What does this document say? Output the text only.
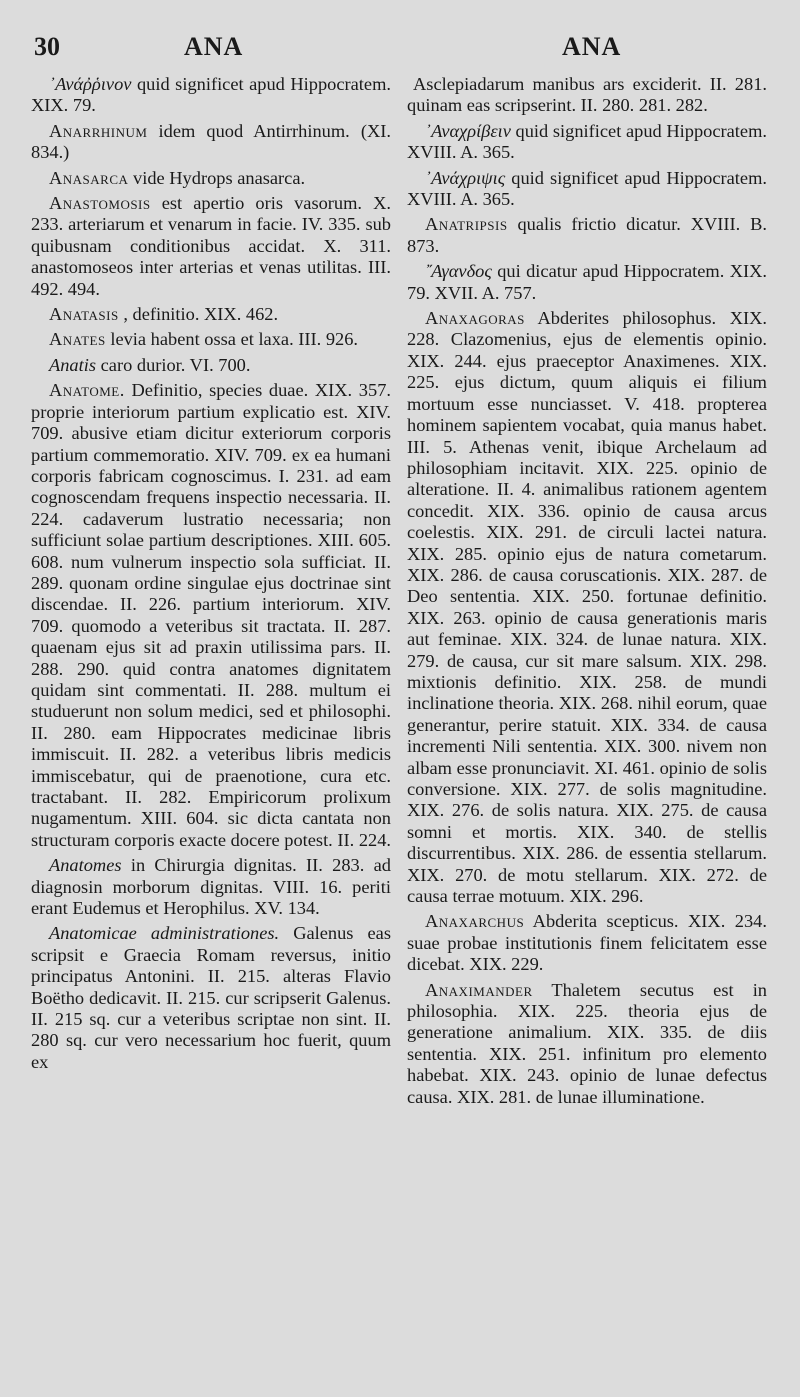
30	ANA	ANA

᾿Ανάῤῥινον quid significet apud Hippocratem. XIX. 79.

Anarrhinum idem quod Antirrhinum. (XI. 834.)

Anasarca vide Hydrops anasarca.

Anastomosis est apertio oris vasorum. X. 233. arteriarum et venarum in facie. IV. 335. sub quibusnam conditionibus accidat. X. 311. anastomoseos inter arterias et venas utilitas. III. 492. 494.

Anatasis , definitio. XIX. 462.

Anates levia habent ossa et laxa. III. 926.

Anatis caro durior. VI. 700.

Anatome. Definitio, species duae. XIX. 357. proprie interiorum partium explicatio est. XIV. 709. abusive etiam dicitur exteriorum corporis partium commemoratio. XIV. 709. ex ea humani corporis fabricam cognoscimus. I. 231. ad eam cognoscendam frequens inspectio necessaria. II. 224. cadaverum lustratio necessaria; non sufficiunt solae partium descriptiones. XIII. 605. 608. num vulnerum inspectio sola sufficiat. II. 289. quonam ordine singulae ejus doctrinae sint discendae. II. 226. partium interiorum. XIV. 709. quomodo a veteribus sit tractata. II. 287. quaenam ejus sit ad praxin utilissima pars. II. 288. 290. quid contra anatomes dignitatem quidam sint commentati. II. 288. multum ei studuerunt non solum medici, sed et philosophi. II. 280. eam Hippocrates medicinae libris immiscuit. II. 282. a veteribus libris medicis immiscebatur, qui de praenotione, cura etc. tractabant. II. 282. Empiricorum prolixum nugamentum. XIII. 604. sic dicta cantata non structuram corporis exacte docere potest. II. 224.

Anatomes in Chirurgia dignitas. II. 283. ad diagnosin morborum dignitas. VIII. 16. periti erant Eudemus et Herophilus. XV. 134.

Anatomicae administrationes. Galenus eas scripsit e Graecia Romam reversus, initio principatus Antonini. II. 215. alteras Flavio Boëtho dedicavit. II. 215. cur scripserit Galenus. II. 215 sq. cur a veteribus scriptae non sint. II. 280 sq. cur vero necessarium hoc fuerit, quum ex

Asclepiadarum manibus ars exciderit. II. 281. quinam eas scripserint. II. 280. 281. 282.

᾿Αναχρίβειν quid significet apud Hippocratem. XVIII. A. 365.

᾿Ανάχριψις quid significet apud Hippocratem. XVIII. A. 365.

Anatripsis qualis frictio dicatur. XVIII. B. 873.

῎Αγανδος qui dicatur apud Hippocratem. XIX. 79. XVII. A. 757.

Anaxagoras Abderites philosophus. XIX. 228. Clazomenius, ejus de elementis opinio. XIX. 244. ejus praeceptor Anaximenes. XIX. 225. ejus dictum, quum aliquis ei filium mortuum esse nunciasset. V. 418. propterea hominem sapientem vocabat, quia manus habet. III. 5. Athenas venit, ibique Archelaum ad philosophiam incitavit. XIX. 225. opinio de alteratione. II. 4. animalibus rationem agentem concedit. XIX. 336. opinio de causa arcus coelestis. XIX. 291. de circuli lactei natura. XIX. 285. opinio ejus de natura cometarum. XIX. 286. de causa coruscationis. XIX. 287. de Deo sententia. XIX. 250. fortunae definitio. XIX. 263. opinio de causa generationis maris aut feminae. XIX. 324. de lunae natura. XIX. 279. de causa, cur sit mare salsum. XIX. 298. mixtionis definitio. XIX. 258. de mundi inclinatione theoria. XIX. 268. nihil eorum, quae generantur, perire statuit. XIX. 334. de causa incrementi Nili sententia. XIX. 300. nivem non albam esse pronunciavit. XI. 461. opinio de solis conversione. XIX. 277. de solis magnitudine. XIX. 276. de solis natura. XIX. 275. de causa somni et mortis. XIX. 340. de stellis discurrentibus. XIX. 286. de essentia stellarum. XIX. 270. de motu stellarum. XIX. 272. de causa terrae motuum. XIX. 296.

Anaxarchus Abderita scepticus. XIX. 234. suae probae institutionis finem felicitatem esse dicebat. XIX. 229.

Anaximander Thaletem secutus est in philosophia. XIX. 225. theoria ejus de generatione animalium. XIX. 335. de diis sententia. XIX. 251. infinitum pro elemento habebat. XIX. 243. opinio de lunae defectus causa. XIX. 281. de lunae illuminatione.
